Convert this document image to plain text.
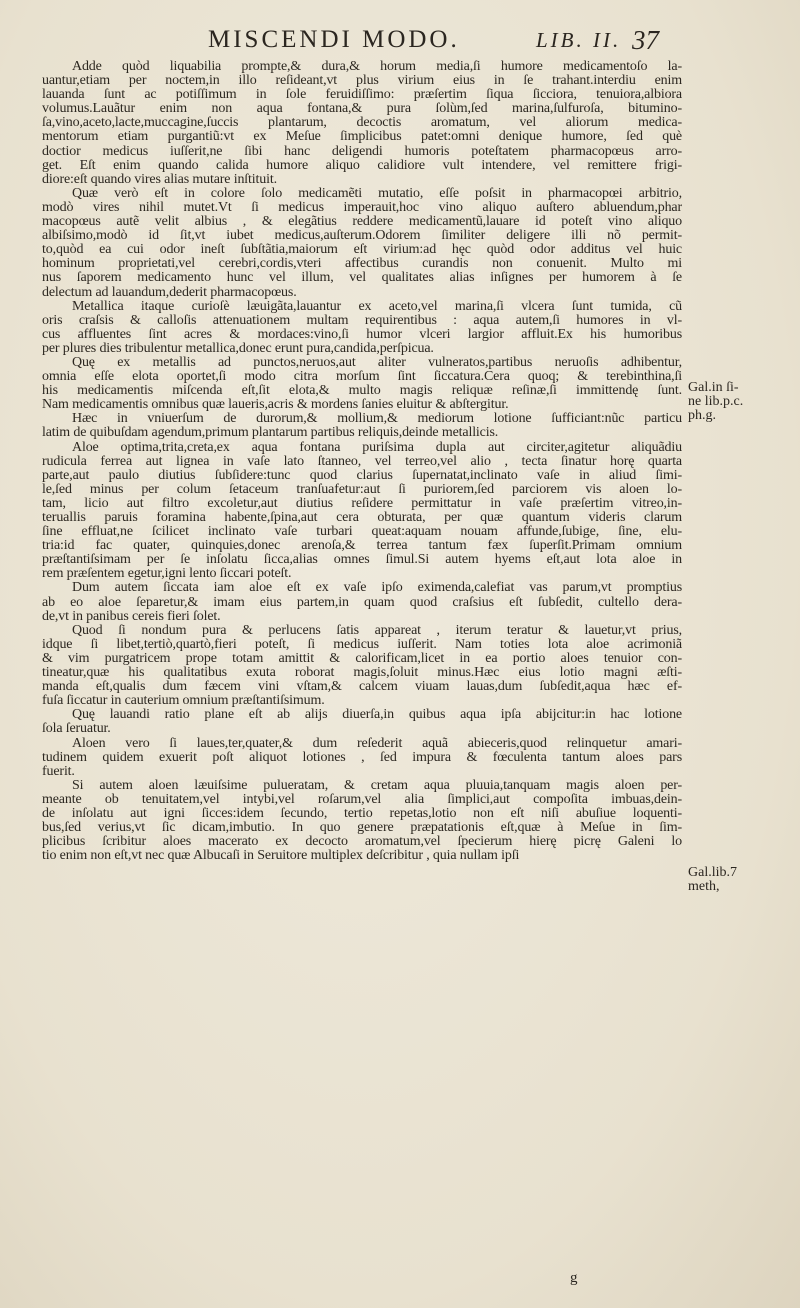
MISCENDI MODO.	LIB. II. 37
Adde quòd liquabilia prompte,& dura,& horum media,ſi humore medicamentoſo la-
uantur,etiam per noctem,in illo reſideant,vt plus virium eius in ſe trahant.interdiu enim
lauanda ſunt ac potiſſimum in ſole feruidiſſimo: præſertim ſiqua ſicciora, tenuiora,albiora
volumus.Lauãtur enim non aqua fontana,& pura ſolùm,ſed marina,ſulfuroſa, bitumino-
ſa,vino,aceto,lacte,muccagine,ſuccis plantarum, decoctis aromatum, vel aliorum medica-
mentorum etiam purgantiũ:vt ex Meſue ſimplicibus patet:omni denique humore, ſed què
doctior medicus iuſſerit,ne ſibi hanc deligendi humoris poteſtatem pharmacopœus arro-
get. Eſt enim quando calida humore aliquo calidiore vult intendere, vel remittere frigi-
diore:eſt quando vires alias mutare inſtituit.
Quæ verò eſt in colore ſolo medicamẽti mutatio, eſſe poſsit in pharmacopœi arbitrio,
modò vires nihil mutet.Vt ſi medicus imperauit,hoc vino aliquo auſtero abluendum,phar
macopœus autẽ velit albius , & elegãtius reddere medicamentũ,lauare id poteſt vino aliquo
albiſsimo,modò id ſit,vt iubet medicus,auſterum.Odorem ſimiliter deligere illi nõ permit-
to,quòd ea cui odor ineſt ſubſtãtia,maiorum eſt virium:ad hęc quòd odor additus vel huic
hominum proprietati,vel cerebri,cordis,vteri affectibus curandis non conuenit. Multo mi
nus ſaporem medicamento hunc vel illum, vel qualitates alias inſignes per humorem à ſe
delectum ad lauandum,dederit pharmacopœus.
Metallica itaque curioſè læuigãta,lauantur ex aceto,vel marina,ſi vlcera ſunt tumida, cũ
oris craſsis & calloſis attenuationem multam requirentibus : aqua autem,ſi humores in vl-
cus affluentes ſint acres & mordaces:vino,ſi humor vlceri largior affluit.Ex his humoribus
per plures dies tribulentur metallica,donec erunt pura,candida,perſpicua.
Quę ex metallis ad punctos,neruos,aut aliter vulneratos,partibus neruoſis adhibentur,
omnia eſſe elota oportet,ſi modo citra morſum ſint ſiccatura.Cera quoq; & terebinthina,ſi
his medicamentis miſcenda eſt,ſit elota,& multo magis reliquæ reſinæ,ſi immittendę ſunt.
Nam medicamentis omnibus quæ laueris,acris & mordens ſanies eluitur & abſtergitur.
Hæc in vniuerſum de durorum,& mollium,& mediorum lotione ſufficiant:nũc particu
latim de quibuſdam agendum,primum plantarum partibus reliquis,deinde metallicis.
Aloe optima,trita,creta,ex aqua fontana puriſsima dupla aut circiter,agitetur aliquãdiu
rudicula ferrea aut lignea in vaſe lato ſtanneo, vel terreo,vel alio , tecta ſinatur horę quarta
parte,aut paulo diutius ſubſidere:tunc quod clarius ſupernatat,inclinato vaſe in aliud ſimi-
le,ſed minus per colum ſetaceum tranſuafetur:aut ſi puriorem,ſed parciorem vis aloen lo-
tam, licio aut filtro excoletur,aut diutius reſidere permittatur in vaſe præſertim vitreo,in-
teruallis paruis foramina habente,ſpina,aut cera obturata, per quæ quantum videris clarum
ſine effluat,ne ſcilicet inclinato vaſe turbari queat:aquam nouam affunde,ſubige, ſine, elu-
tria:id fac quater, quinquies,donec arenoſa,& terrea tantum fæx ſuperſit.Primam omnium
præſtantiſsimam per ſe inſolatu ſicca,alias omnes ſimul.Si autem hyems eſt,aut lota aloe in
rem præſentem egetur,igni lento ſiccari poteſt.
Dum autem ſiccata iam aloe eſt ex vaſe ipſo eximenda,calefiat vas parum,vt promptius
ab eo aloe ſeparetur,& imam eius partem,in quam quod craſsius eſt ſubſedit, cultello dera-
de,vt in panibus cereis fieri ſolet.
Quod ſi nondum pura & perlucens ſatis appareat , iterum teratur & lauetur,vt prius,
idque ſi libet,tertiò,quartò,fieri poteſt, ſi medicus iuſſerit. Nam toties lota aloe acrimoniã
& vim purgatricem prope totam amittit & calorificam,licet in ea portio aloes tenuior con-
tineatur,quæ his qualitatibus exuta roborat magis,ſoluit minus.Hæc eius lotio magni æſti-
manda eſt,qualis dum fæcem vini vſtam,& calcem viuam lauas,dum ſubſedit,aqua hæc ef-
fuſa ſiccatur in cauterium omnium præſtantiſsimum.
Quę lauandi ratio plane eſt ab alijs diuerſa,in quibus aqua ipſa abijcitur:in hac lotione
ſola ſeruatur.
Aloen vero ſi laues,ter,quater,& dum reſederit aquã abieceris,quod relinquetur amari-
tudinem quidem exuerit poſt aliquot lotiones , ſed impura & fœculenta tantum aloes pars
fuerit.
Si autem aloen læuiſsime pulueratam, & cretam aqua pluuia,tanquam magis aloen per-
meante ob tenuitatem,vel intybi,vel roſarum,vel alia ſimplici,aut compoſita imbuas,dein-
de inſolatu aut igni ſicces:idem ſecundo, tertio repetas,lotio non eſt niſi abuſiue loquenti-
bus,ſed verius,vt ſic dicam,imbutio. In quo genere præpatationis eſt,quæ à Meſue in ſim-
plicibus ſcribitur aloes macerato ex decocto aromatum,vel ſpecierum hierę picrę Galeni lo
tio enim non eſt,vt nec quæ Albucaſi in Seruitore multiplex deſcribitur , quia nullam ipſi
Gal.in ſi-
ne lib.p.c.
ph.g.
Gal.lib.7
meth,
g
